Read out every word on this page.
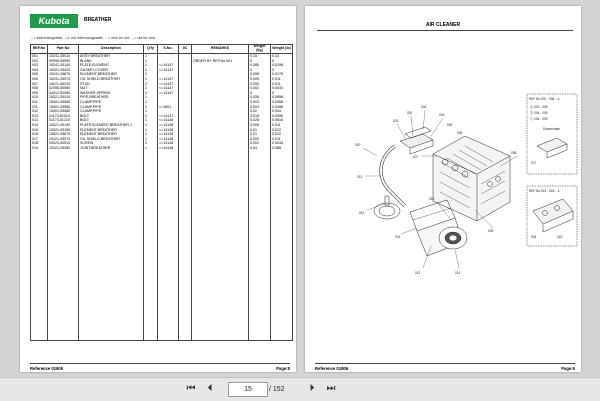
Kubota	BREATHER
⇔= interchangeable; ↮= not interchangeable; ←= new for old; →= old for new
REF.No	Part No	Description	Q'ty	S.No.	I/C	REMARKS	Weight (kg)	Weight (lb)
001	15241-05010	ASSY BREATHER	1				0.15	0.33
002	99999-99999	BLANK	1			ORDER BY REF.No.001	0	0
003	15241-05140	PLATE,ELEMENT	1	<=14147			0.085	0.0198
004	15321-05420	GASKET,COVER	2	<=14147			0	0
005	15241-05670	ELEMENT,BREATHER	1				0.008	0.0176
006	15241-05370	OIL SHIELD,BREATHER	1	<=14147			0.005	0.011
007	15221-06210	STUD	2	<=14147			0.005	0.011
008	02056-50080	NUT	2	<=14147			0.002	0.0044
009	04512-50080	WASHER,SPRING	2	<=14147			0	0
010	15321-05310	PIPE,BREATHER	1				0.026	0.0858
011	15401-05580	CLAMP,PIPE	1				0.003	0.0066
011	15401-05580	CLAMP,PIPE	2	<=1801			0.003	0.0066
012	15401-05380	CLAMP,PIPE	1				0.02	0.044
013	01173-51010	BOLT	1	<=14147			0.018	0.0396
013	01173-51210	BOLT	1	<=14148			0.028	0.0616
014	15321-05140	PLATE,ELEMENT,BREATHER 1	1	<=14148			0.005	0.011
015	15321-05150	ELEMENT,BREATHER	1	<=14148			0.01	0.022
016	15521-05670	ELEMENT,BREATHER	1	<=14148			0.01	0.022
017	15321-05370	OIL SHIELD,BREATHER	1	<=14148			0.005	0.011
018	03024-50510	SCREW	2	<=14148			0.002	0.0044
019	15321-05350	JOINT,BREATHER	1	<=14148			0.04	0.088

Reference 01805	Page:5
AIR CLEANER
001
002
003
004
005
006
007
008
009
010
011
012
013	014
015
016
017
018	019
REF.No.002 - 006 - ①
Ⓐ 003 - 005
Ⓑ 004 - 006
Ⓒ 006 - 009
Drawn/main
REF.No.013 - 018 - ②
Reference 01806	Page:6
⏮	⏴	15	/ 152	⏵	⏭
